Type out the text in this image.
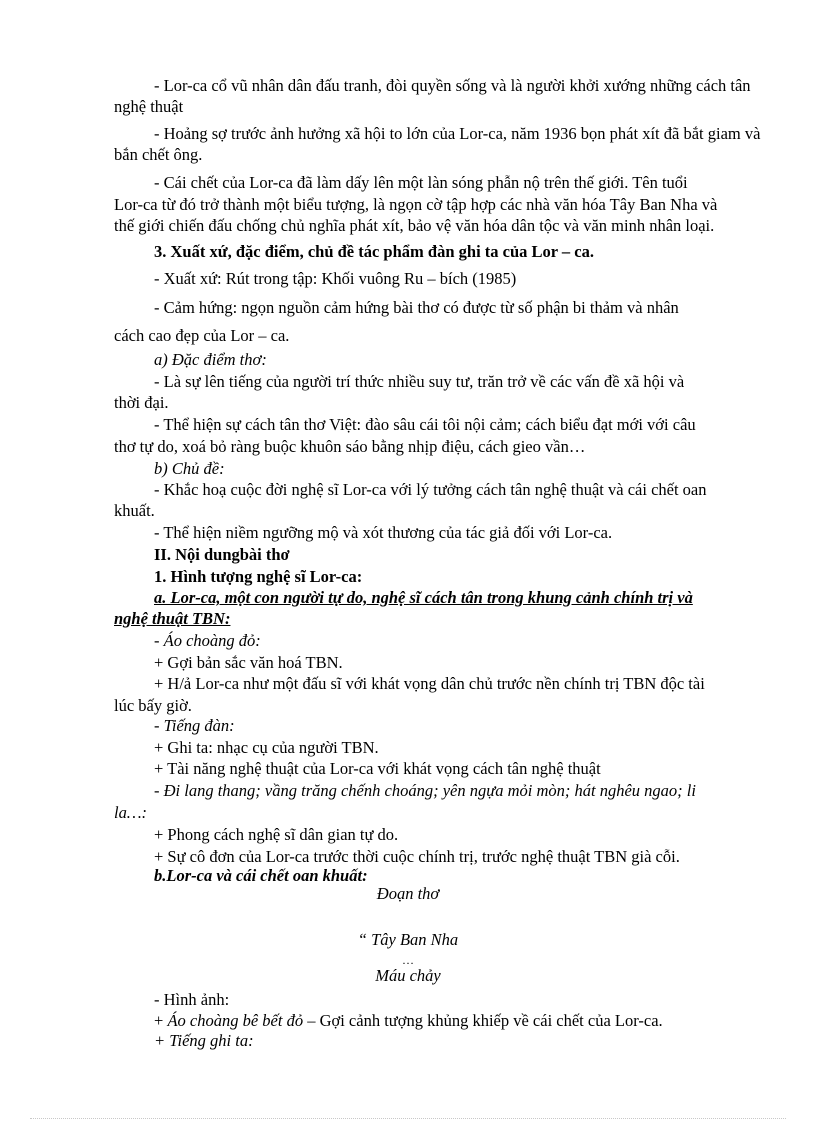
- Lor-ca cổ vũ nhân dân đấu tranh, đòi quyền sống và là người khởi xướng những cách tân
nghệ thuật
- Hoảng sợ trước ảnh hưởng xã hội to lớn của Lor-ca, năm 1936 bọn phát xít đã bắt giam và
bắn chết ông.
- Cái chết của Lor-ca đã làm dấy lên một làn sóng phẫn nộ trên thế giới. Tên tuổi
Lor-ca từ đó trở thành một biểu tượng, là ngọn cờ tập hợp các nhà văn hóa Tây Ban Nha và
thế giới chiến đấu chống chủ nghĩa phát xít, bảo vệ văn hóa dân tộc và văn minh nhân loại.
3. Xuất xứ, đặc điểm, chủ đề tác phẩm đàn ghi ta của Lor – ca.
- Xuất xứ: Rút trong tập: Khối vuông Ru – bích (1985)
- Cảm hứng: ngọn nguồn cảm hứng bài thơ có được từ số phận bi thảm và nhân
cách cao đẹp của Lor – ca.
a) Đặc điểm thơ:
- Là sự lên tiếng của người trí thức nhiều suy tư, trăn trở về các vấn đề xã hội và
thời đại.
- Thể hiện sự cách tân thơ Việt: đào sâu cái tôi nội cảm; cách biểu đạt mới với câu
thơ tự do, xoá bỏ ràng buộc khuôn sáo bằng nhịp điệu, cách gieo vần…
b) Chủ đề:
- Khắc hoạ cuộc đời nghệ sĩ Lor-ca với lý tưởng cách tân nghệ thuật và cái chết oan
khuất.
- Thể hiện niềm ngưỡng mộ và xót thương của tác giả đối với Lor-ca.
II. Nội dungbài thơ
1. Hình tượng nghệ sĩ Lor-ca:
a. Lor-ca, một con người tự do, nghệ sĩ cách tân trong khung cảnh chính trị và
nghệ thuật TBN:
- Áo choàng đỏ:
+ Gợi bản sắc văn hoá TBN.
+ H/ả Lor-ca như một đấu sĩ với khát vọng dân chủ trước nền chính trị TBN độc tài
lúc bấy giờ.
- Tiếng đàn:
+ Ghi ta: nhạc cụ của người TBN.
+ Tài năng nghệ thuật của Lor-ca với khát vọng cách tân nghệ thuật
- Đi lang thang; vầng trăng chếnh choáng; yên ngựa mỏi mòn; hát nghêu ngao; li
la…:
+ Phong cách nghệ sĩ dân gian tự do.
+ Sự cô đơn của Lor-ca trước thời cuộc chính trị, trước nghệ thuật TBN già cỗi.
b.Lor-ca và cái chết oan khuất:
Đoạn thơ
“ Tây Ban Nha
…
Máu chảy
- Hình ảnh:
+ Áo choàng bê bết đỏ – Gợi cảnh tượng khủng khiếp về cái chết của Lor-ca.
+ Tiếng ghi ta:
